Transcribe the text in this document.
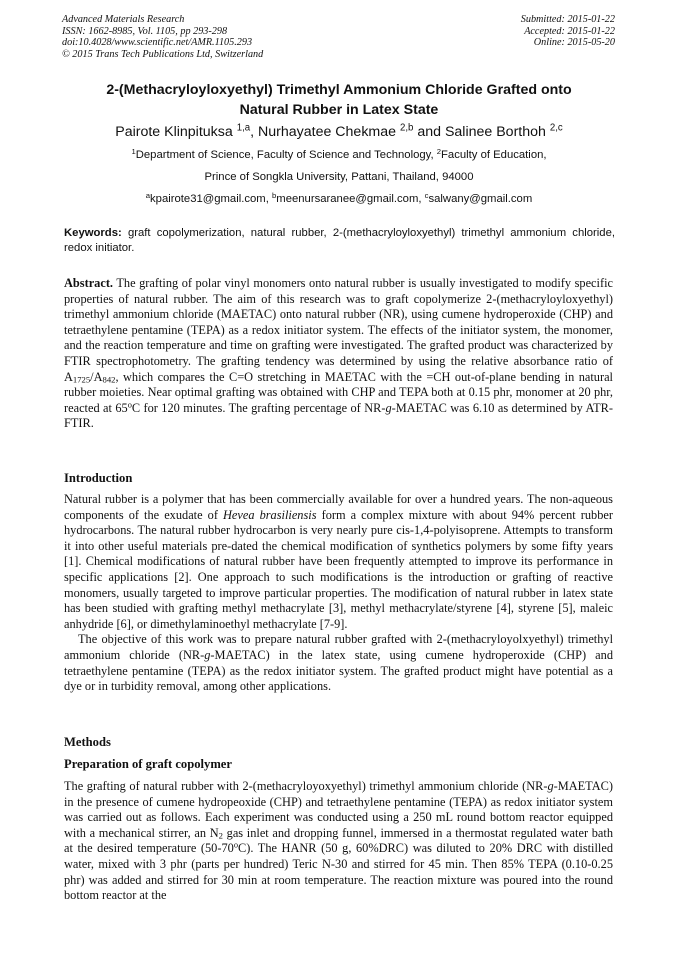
Advanced Materials Research
ISSN: 1662-8985, Vol. 1105, pp 293-298
doi:10.4028/www.scientific.net/AMR.1105.293
© 2015 Trans Tech Publications Ltd, Switzerland
Submitted: 2015-01-22
Accepted: 2015-01-22
Online: 2015-05-20
2-(Methacryloyloxyethyl) Trimethyl Ammonium Chloride Grafted onto
Natural Rubber in Latex State
Pairote Klinpituksa $^{1,a}$, Nurhayatee Chekmae $^{2,b}$ and Salinee Borthoh $^{2,c}$
$^1$Department of Science, Faculty of Science and Technology, $^2$Faculty of Education,
Prince of Songkla University, Pattani, Thailand, 94000
$^a$kpairote31@gmail.com, $^b$meenursaranee@gmail.com, $^c$salwany@gmail.com
Keywords: graft copolymerization, natural rubber, 2-(methacryloyloxyethyl) trimethyl ammonium chloride, redox initiator.

Abstract. The grafting of polar vinyl monomers onto natural rubber is usually investigated to modify specific properties of natural rubber. The aim of this research was to graft copolymerize 2-(methacryloyloxyethyl) trimethyl ammonium chloride (MAETAC) onto natural rubber (NR), using cumene hydroperoxide (CHP) and tetraethylene pentamine (TEPA) as a redox initiator system. The effects of the initiator system, the monomer, and the reaction temperature and time on grafting were investigated. The grafted product was characterized by FTIR spectrophotometry. The grafting tendency was determined by using the relative absorbance ratio of $A_{1725}/A_{842}$, which compares the C=O stretching in MAETAC with the =CH out-of-plane bending in natural rubber moieties. Near optimal grafting was obtained with CHP and TEPA both at 0.15 phr, monomer at 20 phr, reacted at 65$^o$C for 120 minutes. The grafting percentage of NR-g-MAETAC was 6.10 as determined by ATR-FTIR.

Introduction

Natural rubber is a polymer that has been commercially available for over a hundred years. The non-aqueous components of the exudate of Hevea brasiliensis form a complex mixture with about 94% percent rubber hydrocarbons. The natural rubber hydrocarbon is very nearly pure cis-1,4-polyisoprene. Attempts to transform it into other useful materials pre-dated the chemical modification of synthetics polymers by some fifty years [1]. Chemical modifications of natural rubber have been frequently attempted to improve its performance in specific applications [2]. One approach to such modifications is the introduction or grafting of reactive monomers, usually targeted to improve particular properties. The modification of natural rubber in latex state has been studied with grafting methyl methacrylate [3], methyl methacrylate/styrene [4], styrene [5], maleic anhydride [6], or dimethylaminoethyl methacrylate [7-9].

The objective of this work was to prepare natural rubber grafted with 2-(methacryloyolxyethyl) trimethyl ammonium chloride (NR-g-MAETAC) in the latex state, using cumene hydroperoxide (CHP) and tetraethylene pentamine (TEPA) as the redox initiator system. The grafted product might have potential as a dye or in turbidity removal, among other applications.

Methods
Preparation of graft copolymer

The grafting of natural rubber with 2-(methacryloyoxyethyl) trimethyl ammonium chloride (NR-g-MAETAC) in the presence of cumene hydropeoxide (CHP) and tetraethylene pentamine (TEPA) as redox initiator system was carried out as follows. Each experiment was conducted using a 250 mL round bottom reactor equipped with a mechanical stirrer, an $N_2$ gas inlet and dropping funnel, immersed in a thermostat regulated water bath at the desired temperature (50-70$^o$C). The HANR (50 g, 60%DRC) was diluted to 20% DRC with distilled water, mixed with 3 phr (parts per hundred) Teric N-30 and stirred for 45 min. Then 85% TEPA (0.10-0.25 phr) was added and stirred for 30 min at room temperature. The reaction mixture was poured into the round bottom reactor at the
